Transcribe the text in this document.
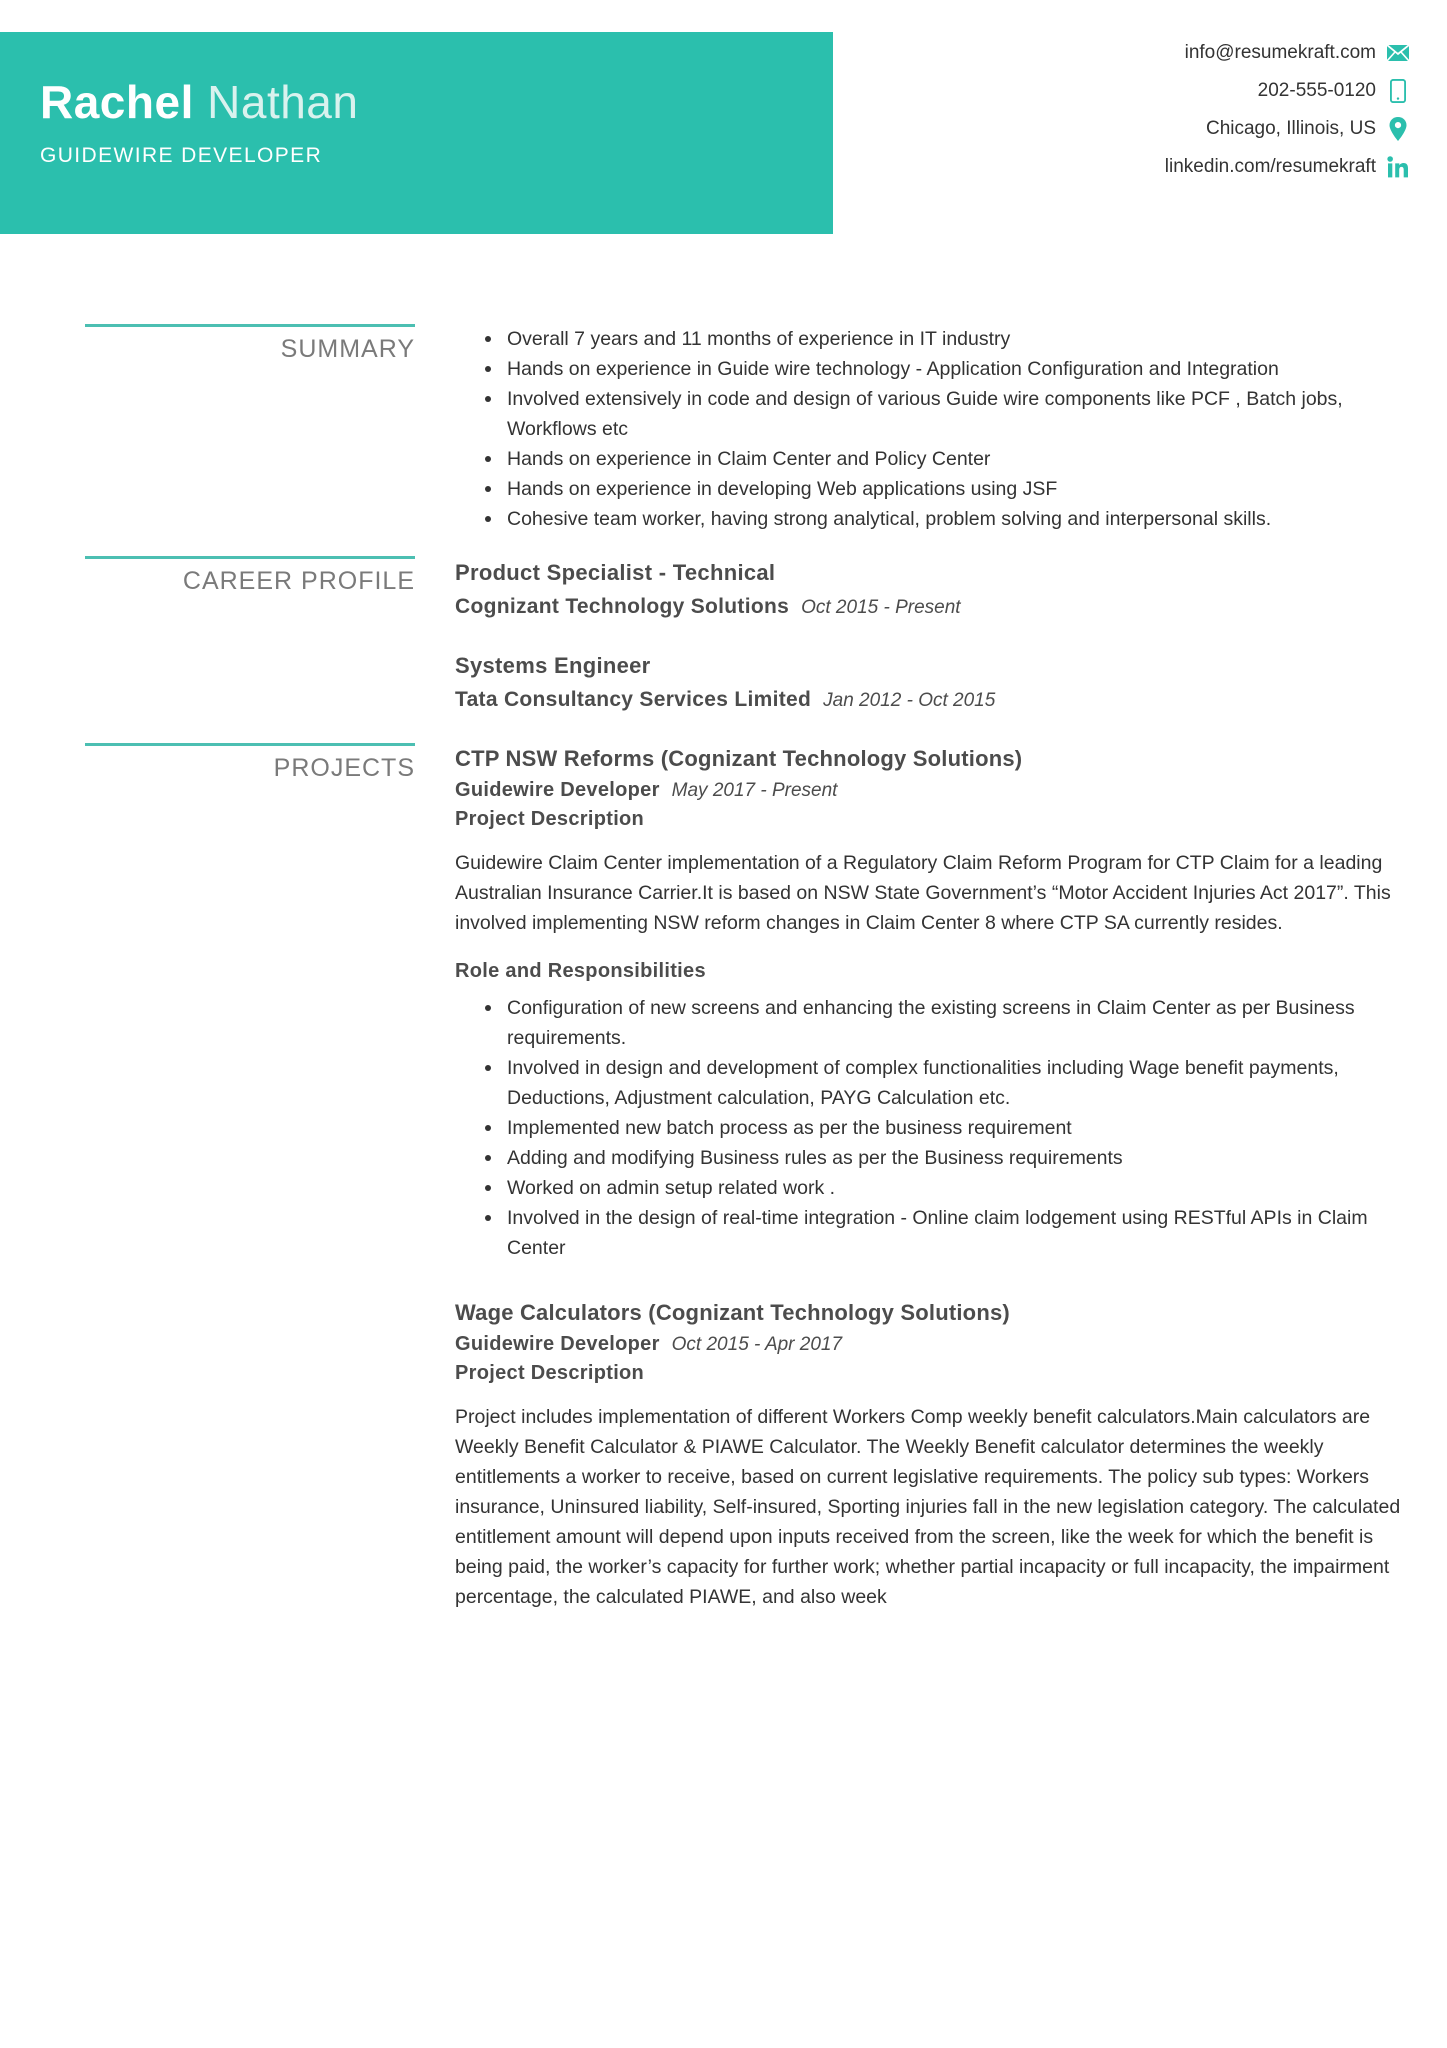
Rachel Nathan
GUIDEWIRE DEVELOPER
info@resumekraft.com
202-555-0120
Chicago, Illinois, US
linkedin.com/resumekraft
SUMMARY	Overall 7 years and 11 months of experience in IT industry
Hands on experience in Guide wire technology - Application Configuration and Integration
Involved extensively in code and design of various Guide wire components like PCF , Batch jobs, Workflows etc
Hands on experience in Claim Center and Policy Center
Hands on experience in developing Web applications using JSF
Cohesive team worker, having strong analytical, problem solving and interpersonal skills.
CAREER PROFILE Product Specialist - Technical
Cognizant Technology Solutions Oct 2015 - Present
Systems Engineer
Tata Consultancy Services Limited Jan 2012 - Oct 2015
PROJECTS CTP NSW Reforms (Cognizant Technology Solutions)
Guidewire Developer May 2017 - Present
Project Description

Guidewire Claim Center implementation of a Regulatory Claim Reform Program for CTP Claim for a leading Australian Insurance Carrier.It is based on NSW State Government’s “Motor Accident Injuries Act 2017”. This involved implementing NSW reform changes in Claim Center 8 where CTP SA currently resides.

Role and Responsibilities
Configuration of new screens and enhancing the existing screens in Claim Center as per Business requirements.
Involved in design and development of complex functionalities including Wage benefit payments, Deductions, Adjustment calculation, PAYG Calculation etc.
Implemented new batch process as per the business requirement
Adding and modifying Business rules as per the Business requirements
Worked on admin setup related work .
Involved in the design of real-time integration - Online claim lodgement using RESTful APIs in Claim Center
Wage Calculators (Cognizant Technology Solutions)
Guidewire Developer Oct 2015 - Apr 2017
Project Description

Project includes implementation of different Workers Comp weekly benefit calculators.Main calculators are Weekly Benefit Calculator & PIAWE Calculator. The Weekly Benefit calculator determines the weekly entitlements a worker to receive, based on current legislative requirements. The policy sub types: Workers insurance, Uninsured liability, Self-insured, Sporting injuries fall in the new legislation category. The calculated entitlement amount will depend upon inputs received from the screen, like the week for which the benefit is being paid, the worker’s capacity for further work; whether partial incapacity or full incapacity, the impairment percentage, the calculated PIAWE, and also week
